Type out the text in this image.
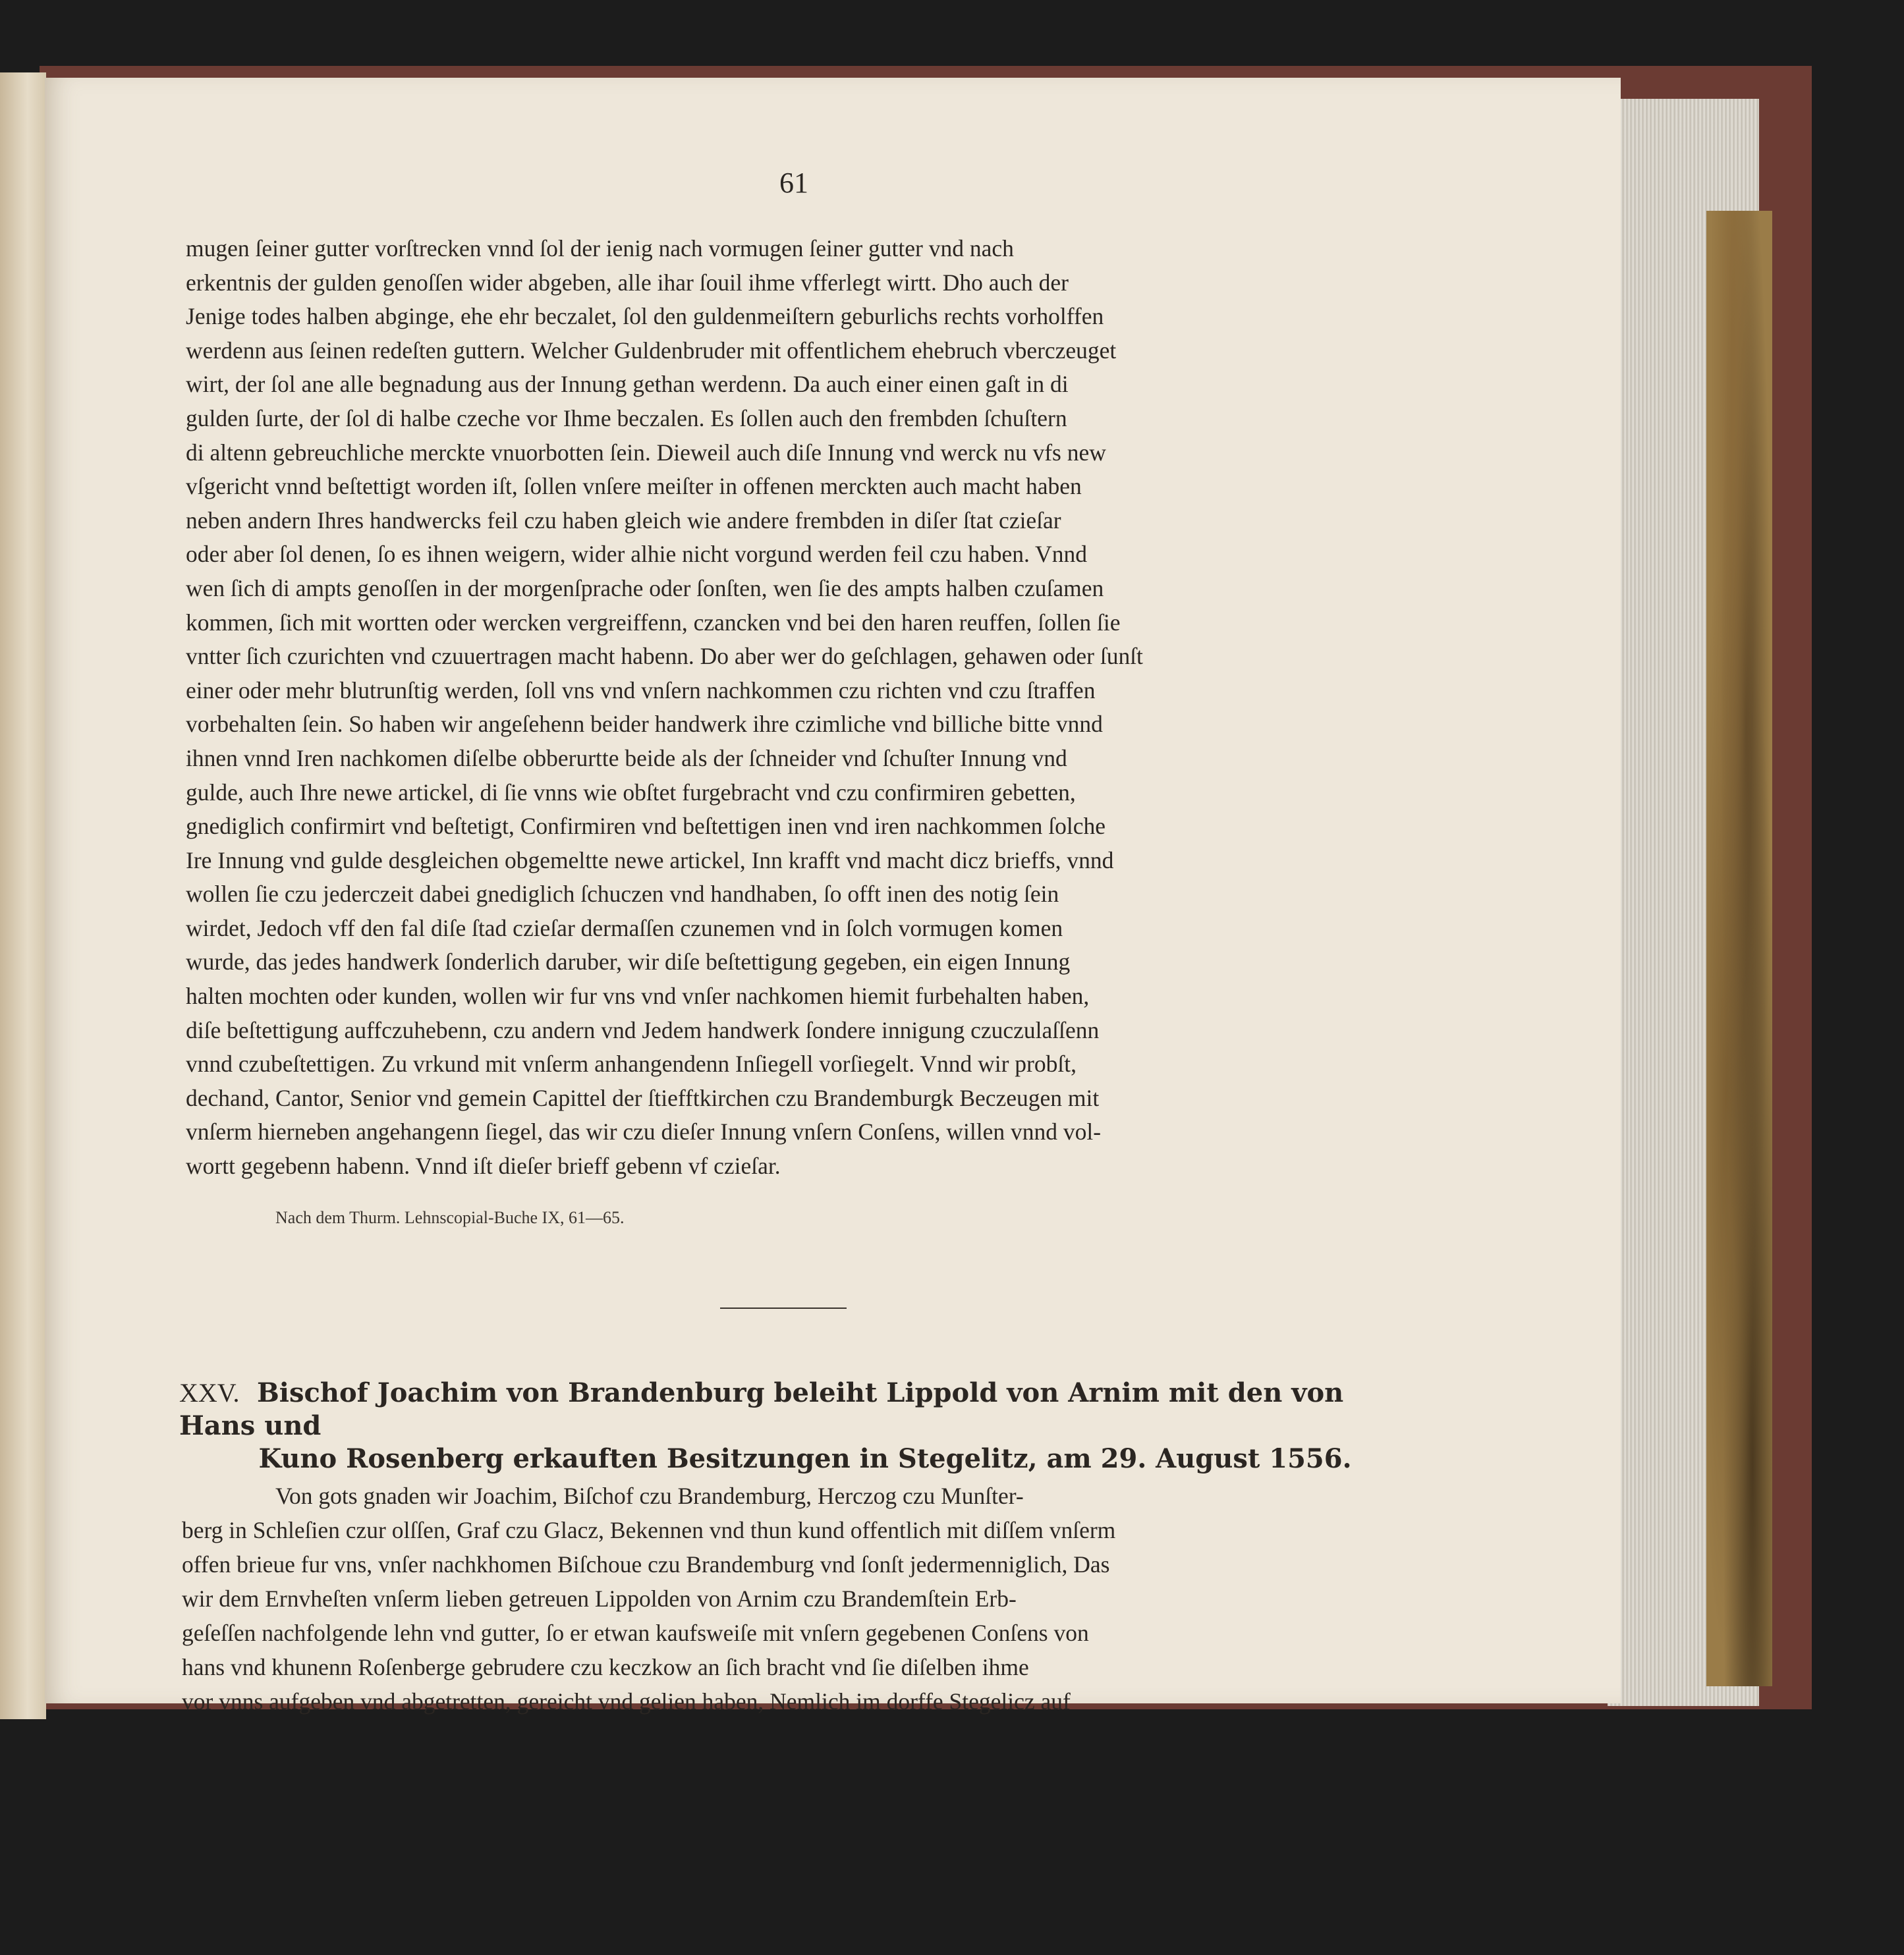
61

mugen ſeiner gutter vorſtrecken vnnd ſol der ienig nach vormugen ſeiner gutter vnd nach

erkentnis der gulden genoſſen wider abgeben, alle ihar ſouil ihme vfferlegt wirtt. Dho auch der

Jenige todes halben abginge, ehe ehr beczalet, ſol den guldenmeiſtern geburlichs rechts vorholffen

werdenn aus ſeinen redeſten guttern. Welcher Guldenbruder mit offentlichem ehebruch vberczeuget

wirt, der ſol ane alle begnadung aus der Innung gethan werdenn. Da auch einer einen gaſt in di

gulden ſurte, der ſol di halbe czeche vor Ihme beczalen. Es ſollen auch den frembden ſchuſtern

di altenn gebreuchliche merckte vnuorbotten ſein. Dieweil auch diſe Innung vnd werck nu vfs new

vſgericht vnnd beſtettigt worden iſt, ſollen vnſere meiſter in offenen merckten auch macht haben

neben andern Ihres handwercks feil czu haben gleich wie andere frembden in diſer ſtat czieſar

oder aber ſol denen, ſo es ihnen weigern, wider alhie nicht vorgund werden feil czu haben. Vnnd

wen ſich di ampts genoſſen in der morgenſprache oder ſonſten, wen ſie des ampts halben czuſamen

kommen, ſich mit wortten oder wercken vergreiffenn, czancken vnd bei den haren reuffen, ſollen ſie

vntter ſich czurichten vnd czuuertragen macht habenn. Do aber wer do geſchlagen, gehawen oder ſunſt

einer oder mehr blutrunſtig werden, ſoll vns vnd vnſern nachkommen czu richten vnd czu ſtraffen

vorbehalten ſein. So haben wir angeſehenn beider handwerk ihre czimliche vnd billiche bitte vnnd

ihnen vnnd Iren nachkomen diſelbe obberurtte beide als der ſchneider vnd ſchuſter Innung vnd

gulde, auch Ihre newe artickel, di ſie vnns wie obſtet furgebracht vnd czu confirmiren gebetten,

gnediglich confirmirt vnd beſtetigt, Confirmiren vnd beſtettigen inen vnd iren nachkommen ſolche

Ire Innung vnd gulde desgleichen obgemeltte newe artickel, Inn krafft vnd macht dicz brieffs, vnnd

wollen ſie czu jederczeit dabei gnediglich ſchuczen vnd handhaben, ſo offt inen des notig ſein

wirdet, Jedoch vff den fal diſe ſtad czieſar dermaſſen czunemen vnd in ſolch vormugen komen

wurde, das jedes handwerk ſonderlich daruber, wir diſe beſtettigung gegeben, ein eigen Innung

halten mochten oder kunden, wollen wir fur vns vnd vnſer nachkomen hiemit furbehalten haben,

diſe beſtettigung auffczuhebenn, czu andern vnd Jedem handwerk ſondere innigung czuczulaſſenn

vnnd czubeſtettigen. Zu vrkund mit vnſerm anhangendenn Inſiegell vorſiegelt. Vnnd wir probſt,

dechand, Cantor, Senior vnd gemein Capittel der ſtiefftkirchen czu Brandemburgk Beczeugen mit

vnſerm hierneben angehangenn ſiegel, das wir czu dieſer Innung vnſern Conſens, willen vnnd vol-

wortt gegebenn habenn. Vnnd iſt dieſer brieff gebenn vf czieſar.

Nach dem Thurm. Lehnscopial-Buche IX, 61—65.
XXV. Bischof Joachim von Brandenburg beleiht Lippold von Arnim mit den von Hans und
Kuno Rosenberg erkauften Besitzungen in Stegelitz, am 29. August 1556.
Von gots gnaden wir Joachim, Biſchof czu Brandemburg, Herczog czu Munſter-
berg in Schleſien czur olſſen, Graf czu Glacz, Bekennen vnd thun kund offentlich mit diſſem vnſerm
offen brieue fur vns, vnſer nachkhomen Biſchoue czu Brandemburg vnd ſonſt jedermenniglich, Das
wir dem Ernvheſten vnſerm lieben getreuen Lippolden von Arnim czu Brandemſtein Erb-
geſeſſen nachfolgende lehn vnd gutter, ſo er etwan kaufsweiſe mit vnſern gegebenen Conſens von
hans vnd khunenn Roſenberge gebrudere czu keczkow an ſich bracht vnd ſie diſelben ihme
vor vnns aufgeben vnd abgetretten, gereicht vnd gelien haben, Nemlich im dorffe Stegelicz auf
